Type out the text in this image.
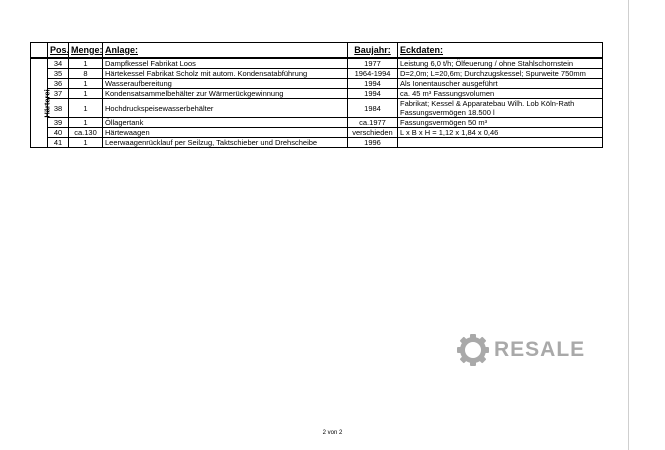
	Pos.	Menge:	Anlage:	Baujahr:	Eckdaten:
Härterei	34	1	Dampfkessel Fabrikat Loos	1977	Leistung 6,0 t/h; Ölfeuerung / ohne Stahlschornstein
	35	8	Härtekessel Fabrikat Scholz mit autom. Kondensatabführung	1964-1994	D=2,0m; L=20,6m; Durchzugskessel; Spurweite 750mm
	36	1	Wasseraufbereitung	1994	Als Ionentauscher ausgeführt
	37	1	Kondensatsammelbehälter zur Wärmerückgewinnung	1994	ca. 45 m³ Fassungsvolumen
	38	1	Hochdruckspeisewasserbehälter	1984	Fabrikat; Kessel & Apparatebau Wilh. Lob Köln-Rath
Fassungsvermögen 18.500 l

	39	1	Öllagertank	ca.1977	Fassungsvermögen 50 m³
	40	ca.130	Härtewaagen	verschieden	L x B x H = 1,12 x 1,84 x 0,46
	41	1	Leerwaagenrücklauf per Seilzug, Taktschieber und Drehscheibe	1996	
RESALE
2 von 2
